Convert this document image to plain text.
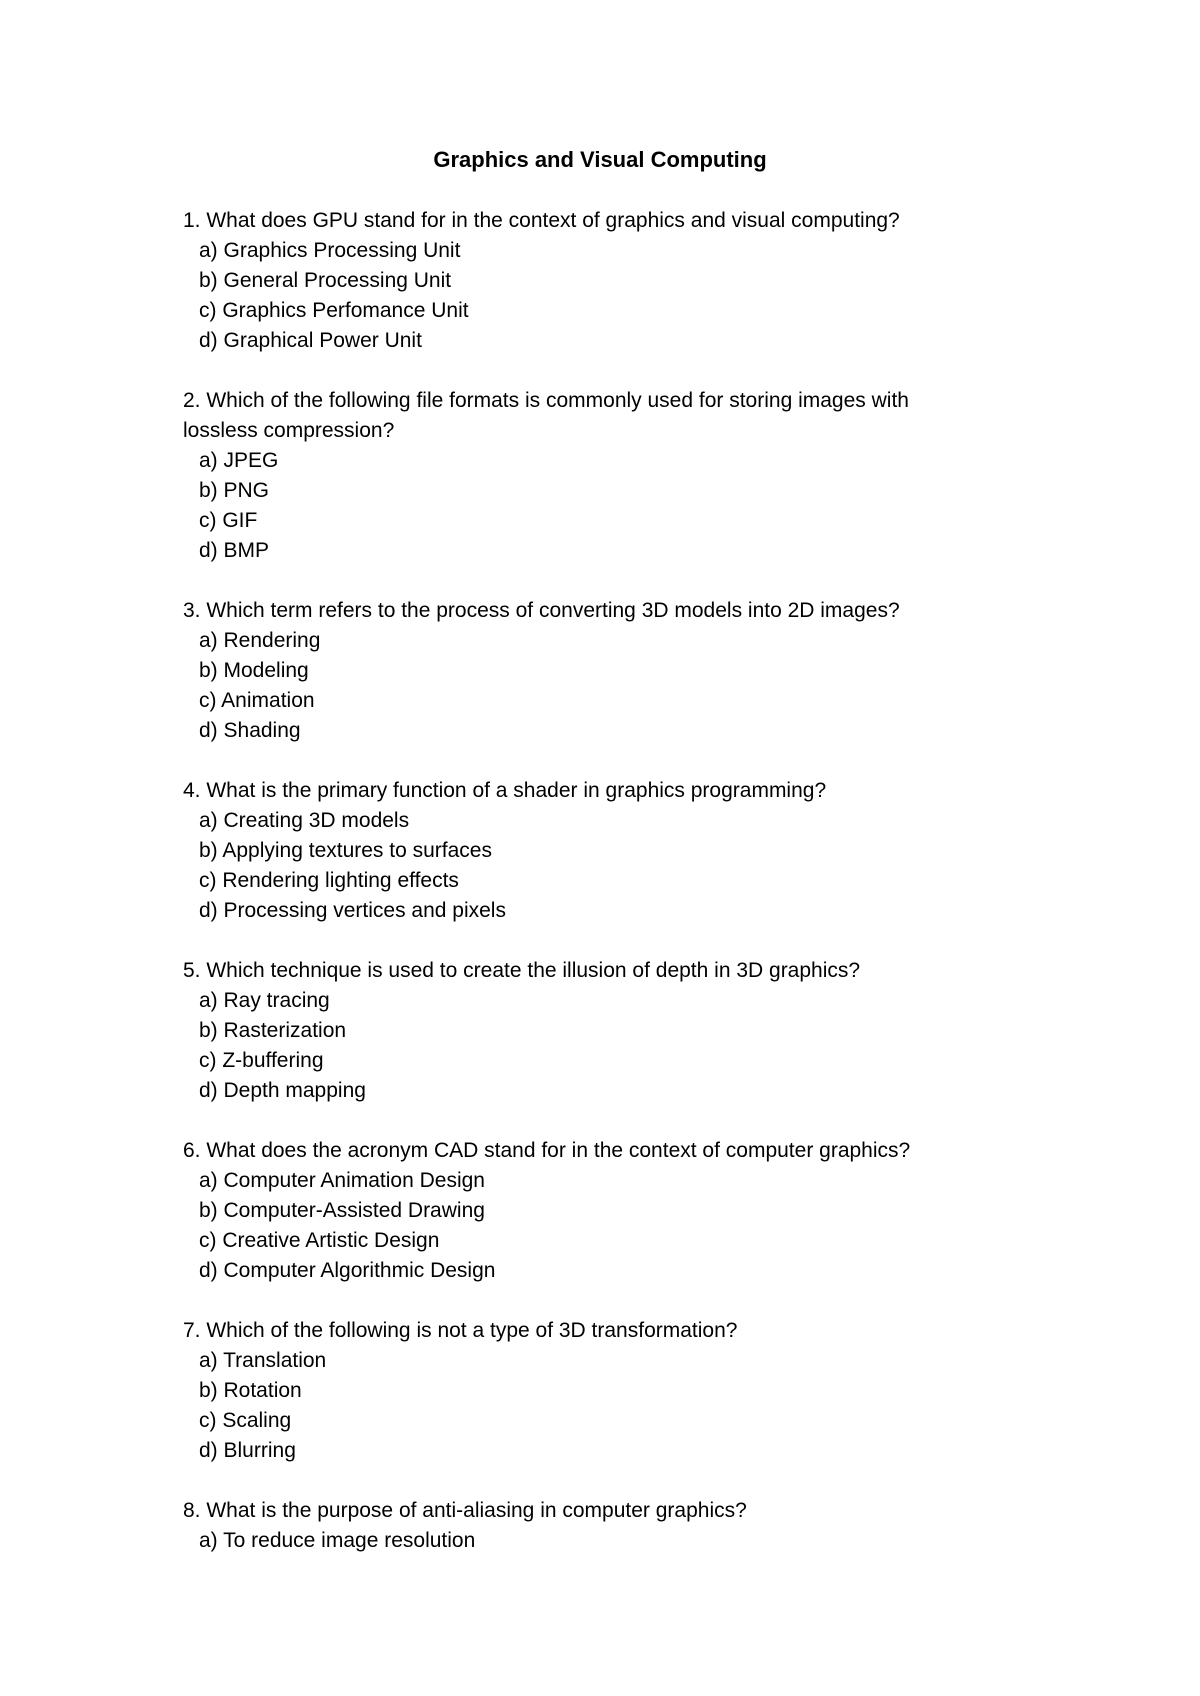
Graphics and Visual Computing

1. What does GPU stand for in the context of graphics and visual computing?

a) Graphics Processing Unit
b) General Processing Unit
c) Graphics Perfomance Unit
d) Graphical Power Unit

2. Which of the following file formats is commonly used for storing images with lossless compression?

a) JPEG
b) PNG
c) GIF
d) BMP

3. Which term refers to the process of converting 3D models into 2D images?

a) Rendering
b) Modeling
c) Animation
d) Shading

4. What is the primary function of a shader in graphics programming?

a) Creating 3D models
b) Applying textures to surfaces
c) Rendering lighting effects
d) Processing vertices and pixels

5. Which technique is used to create the illusion of depth in 3D graphics?

a) Ray tracing
b) Rasterization
c) Z-buffering
d) Depth mapping

6. What does the acronym CAD stand for in the context of computer graphics?

a) Computer Animation Design
b) Computer-Assisted Drawing
c) Creative Artistic Design
d) Computer Algorithmic Design

7. Which of the following is not a type of 3D transformation?

a) Translation
b) Rotation
c) Scaling
d) Blurring

8. What is the purpose of anti-aliasing in computer graphics?

a) To reduce image resolution
